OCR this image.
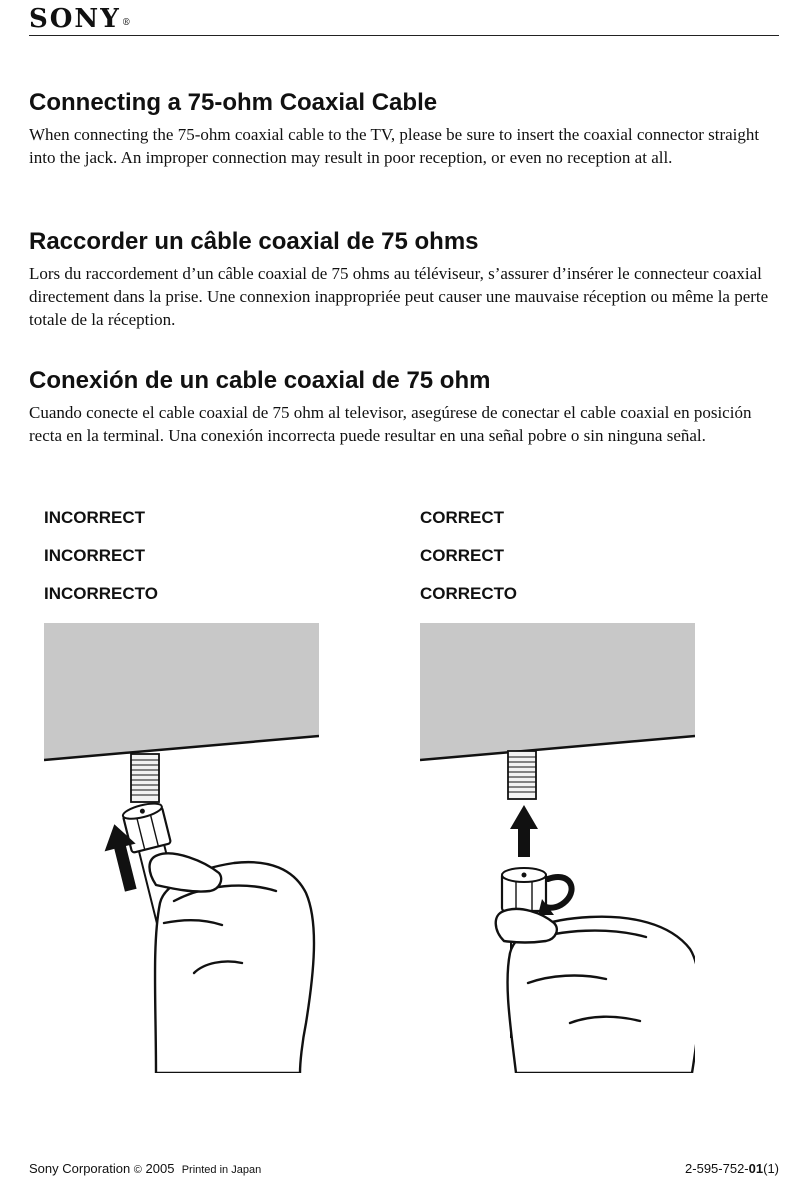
SONY®
Connecting a 75-ohm Coaxial Cable

When connecting the 75-ohm coaxial cable to the TV, please be sure to insert the coaxial connector straight into the jack. An improper connection may result in poor reception, or even no reception at all.

Raccorder un câble coaxial de 75 ohms

Lors du raccordement d’un câble coaxial de 75 ohms au téléviseur, s’assurer d’insérer le connecteur coaxial directement dans la prise. Une connexion inappropriée peut causer une mauvaise réception ou même la perte totale de la réception.

Conexión de un cable coaxial de 75 ohm

Cuando conecte el cable coaxial de 75 ohm al televisor, asegúrese de conectar el cable coaxial en posición recta en la terminal. Una conexión incorrecta puede resultar en una señal pobre o sin ninguna señal.

INCORRECT
INCORRECT
INCORRECTO
CORRECT
CORRECT
CORRECTO
Sony Corporation © 2005 Printed in Japan	2-595-752-01(1)
